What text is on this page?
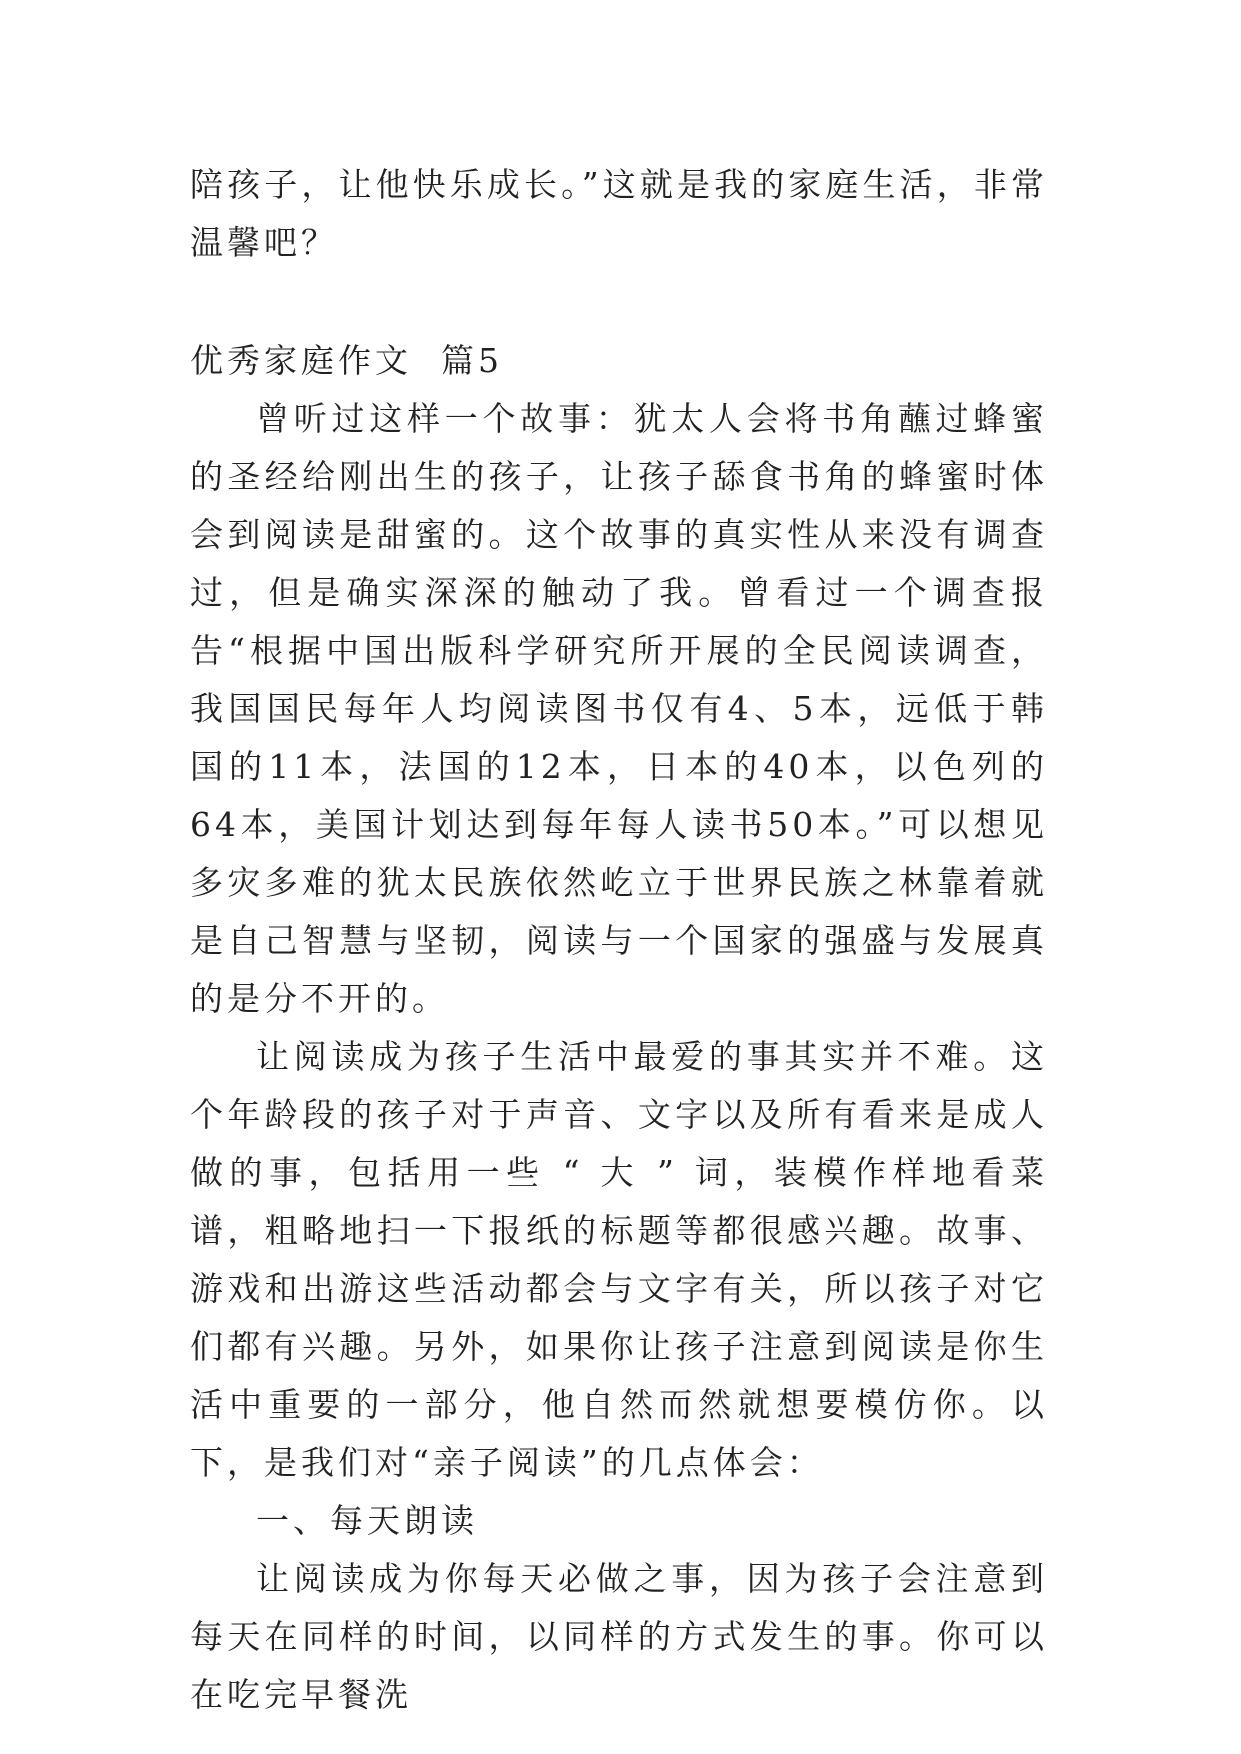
陪孩子，让他快乐成长。”这就是我的家庭生活，非常温馨吧？

优秀家庭作文  篇5

曾听过这样一个故事：犹太人会将书角蘸过蜂蜜的圣经给刚出生的孩子，让孩子舔食书角的蜂蜜时体会到阅读是甜蜜的。这个故事的真实性从来没有调查过，但是确实深深的触动了我。曾看过一个调查报告“根据中国出版科学研究所开展的全民阅读调查，我国国民每年人均阅读图书仅有4、5本，远低于韩国的11本，法国的12本，日本的40本，以色列的64本，美国计划达到每年每人读书50本。”可以想见多灾多难的犹太民族依然屹立于世界民族之林靠着就是自己智慧与坚韧，阅读与一个国家的强盛与发展真的是分不开的。

让阅读成为孩子生活中最爱的事其实并不难。这个年龄段的孩子对于声音、文字以及所有看来是成人做的事，包括用一些 “ 大 ” 词，装模作样地看菜谱，粗略地扫一下报纸的标题等都很感兴趣。故事、游戏和出游这些活动都会与文字有关，所以孩子对它们都有兴趣。另外，如果你让孩子注意到阅读是你生活中重要的一部分，他自然而然就想要模仿你。以下，是我们对“亲子阅读”的几点体会：

一、每天朗读

让阅读成为你每天必做之事，因为孩子会注意到每天在同样的时间，以同样的方式发生的事。你可以在吃完早餐洗
